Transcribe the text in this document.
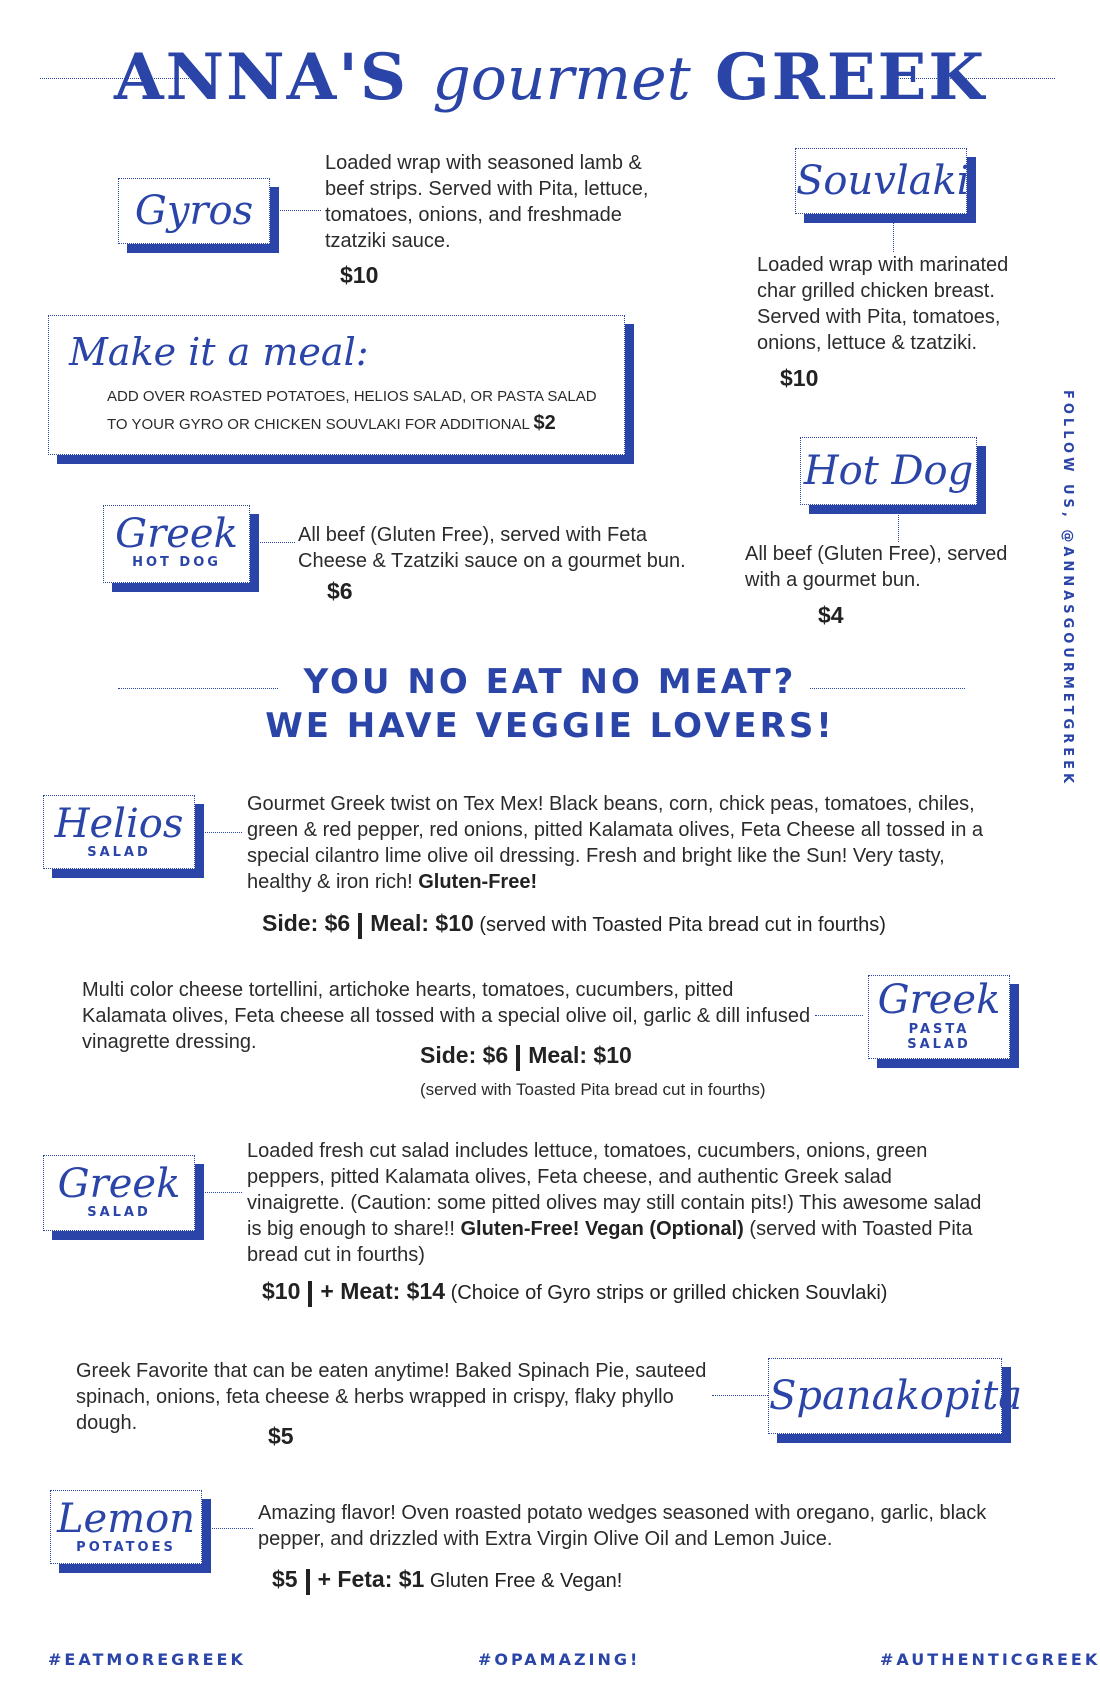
ANNA'S gourmet GREEK
Gyros
Loaded wrap with seasoned lamb & beef strips. Served with Pita, lettuce, tomatoes, onions, and freshmade tzatziki sauce.
$10
Souvlaki
Loaded wrap with marinated char grilled chicken breast. Served with Pita, tomatoes, onions, lettuce & tzatziki.
$10
Make it a meal:
ADD OVER ROASTED POTATOES, HELIOS SALAD, OR PASTA SALAD
TO YOUR GYRO OR CHICKEN SOUVLAKI FOR ADDITIONAL $2
Greek
HOT DOG
All beef (Gluten Free), served with Feta Cheese & Tzatziki sauce on a gourmet bun.
$6
Hot Dog
All beef (Gluten Free), served with a gourmet bun.
$4
YOU NO EAT NO MEAT?
WE HAVE VEGGIE LOVERS!
Helios
SALAD
Gourmet Greek twist on Tex Mex! Black beans, corn, chick peas, tomatoes, chiles, green & red pepper, red onions, pitted Kalamata olives, Feta Cheese all tossed in a special cilantro lime olive oil dressing. Fresh and bright like the Sun! Very tasty, healthy & iron rich! Gluten-Free!
Side: $6 Meal: $10 (served with Toasted Pita bread cut in fourths)
Multi color cheese tortellini, artichoke hearts, tomatoes, cucumbers, pitted Kalamata olives, Feta cheese all tossed with a special olive oil, garlic & dill infused vinagrette dressing.
Greek
PASTA SALAD
Side: $6 Meal: $10
(served with Toasted Pita bread cut in fourths)
Greek
SALAD
Loaded fresh cut salad includes lettuce, tomatoes, cucumbers, onions, green peppers, pitted Kalamata olives, Feta cheese, and authentic Greek salad vinaigrette. (Caution: some pitted olives may still contain pits!) This awesome salad is big enough to share!! Gluten-Free! Vegan (Optional) (served with Toasted Pita bread cut in fourths)
$10 + Meat: $14 (Choice of Gyro strips or grilled chicken Souvlaki)
Greek Favorite that can be eaten anytime! Baked Spinach Pie, sauteed spinach, onions, feta cheese & herbs wrapped in crispy, flaky phyllo dough.	$5
Spanakopita
Lemon
POTATOES
Amazing flavor! Oven roasted potato wedges seasoned with oregano, garlic, black pepper, and drizzled with Extra Virgin Olive Oil and Lemon Juice.
$5 + Feta: $1 Gluten Free & Vegan!
FOLLOW US, @ANNASGOURMETGREEK
#EATMOREGREEK	#OPAMAZING!	#AUTHENTICGREEK
